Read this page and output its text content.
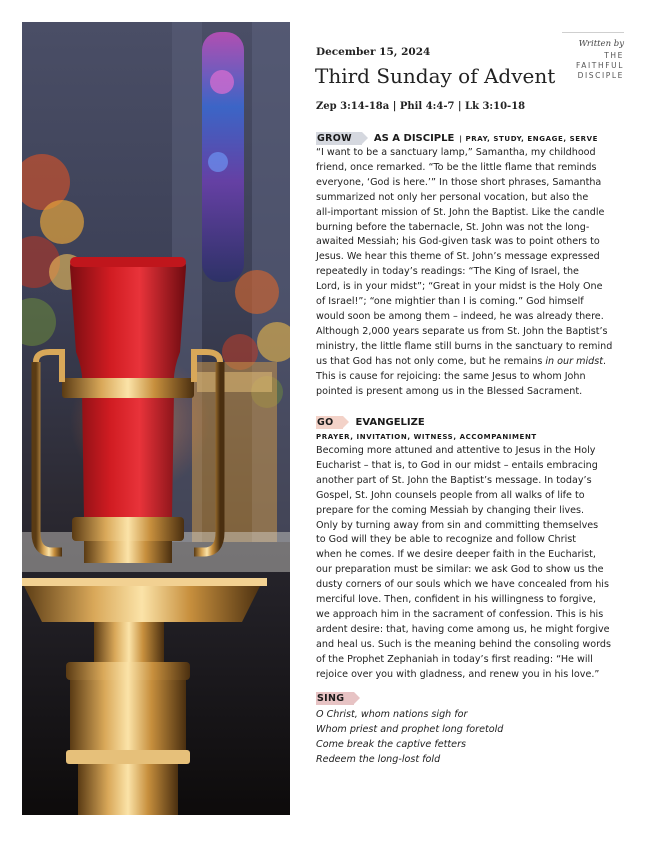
Written by
THE
FAITHFUL
DISCIPLE
December 15, 2024
Third Sunday of Advent
Zep 3:14-18a | Phil 4:4-7 | Lk 3:10-18
GROW	AS A DISCIPLE | PRAY, STUDY, ENGAGE, SERVE
“I want to be a sanctuary lamp,” Samantha, my childhood
friend, once remarked. “To be the little flame that reminds
everyone, ‘God is here.’” In those short phrases, Samantha
summarized not only her personal vocation, but also the
all-important mission of St. John the Baptist. Like the candle
burning before the tabernacle, St. John was not the long-
awaited Messiah; his God-given task was to point others to
Jesus. We hear this theme of St. John’s message expressed
repeatedly in today’s readings: “The King of Israel, the
Lord, is in your midst”; “Great in your midst is the Holy One
of Israel!”; “one mightier than I is coming.” God himself
would soon be among them – indeed, he was already there.
Although 2,000 years separate us from St. John the Baptist’s
ministry, the little flame still burns in the sanctuary to remind
us that God has not only come, but he remains in our midst.
This is cause for rejoicing: the same Jesus to whom John
pointed is present among us in the Blessed Sacrament.
GO	EVANGELIZE
PRAYER, INVITATION, WITNESS, ACCOMPANIMENT
Becoming more attuned and attentive to Jesus in the Holy
Eucharist – that is, to God in our midst – entails embracing
another part of St. John the Baptist’s message. In today’s
Gospel, St. John counsels people from all walks of life to
prepare for the coming Messiah by changing their lives.
Only by turning away from sin and committing themselves
to God will they be able to recognize and follow Christ
when he comes. If we desire deeper faith in the Eucharist,
our preparation must be similar: we ask God to show us the
dusty corners of our souls which we have concealed from his
merciful love. Then, confident in his willingness to forgive,
we approach him in the sacrament of confession. This is his
ardent desire: that, having come among us, he might forgive
and heal us. Such is the meaning behind the consoling words
of the Prophet Zephaniah in today’s first reading: “He will
rejoice over you with gladness, and renew you in his love.”
SING
O Christ, whom nations sigh for
Whom priest and prophet long foretold
Come break the captive fetters
Redeem the long-lost fold
